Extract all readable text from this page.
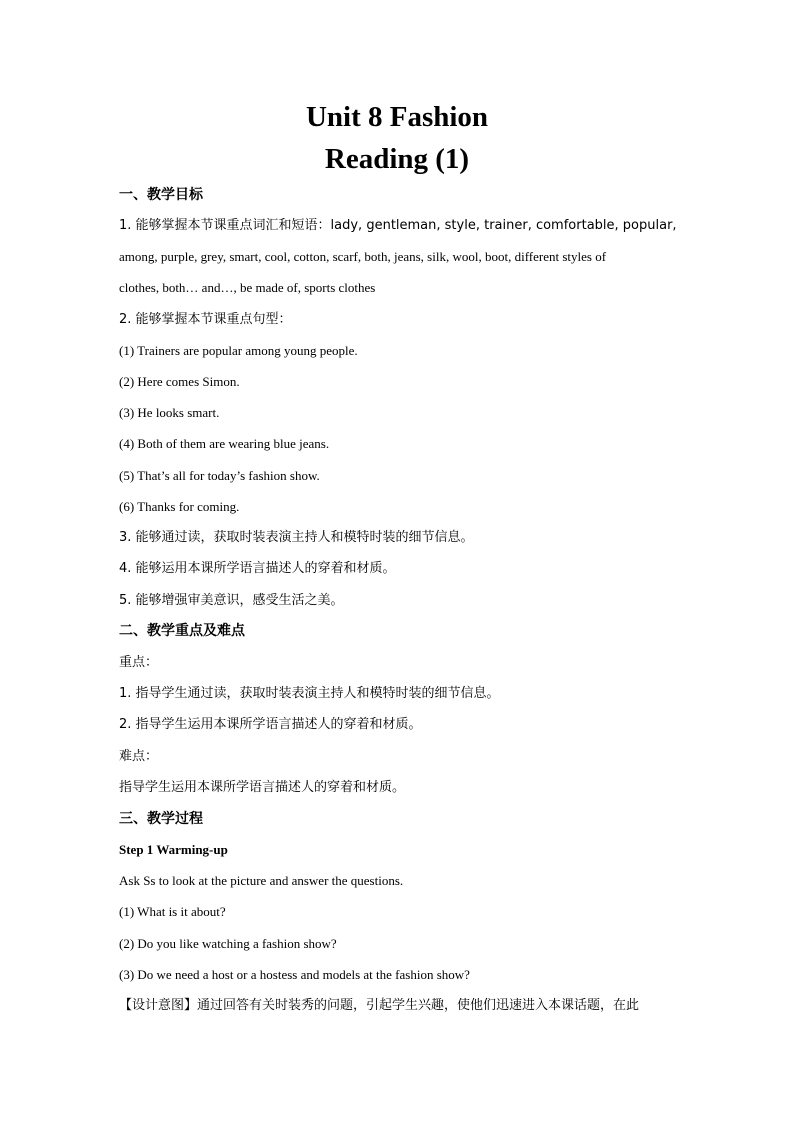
Unit 8 Fashion
Reading (1)
一、教学目标
1. 能够掌握本节课重点词汇和短语：lady, gentleman, style, trainer, comfortable, popular,
among, purple, grey, smart, cool, cotton, scarf, both, jeans, silk, wool, boot, different styles of
clothes, both… and…, be made of, sports clothes
2. 能够掌握本节课重点句型：
(1) Trainers are popular among young people.
(2) Here comes Simon.
(3) He looks smart.
(4) Both of them are wearing blue jeans.
(5) That’s all for today’s fashion show.
(6) Thanks for coming.
3. 能够通过读，获取时装表演主持人和模特时装的细节信息。
4. 能够运用本课所学语言描述人的穿着和材质。
5. 能够增强审美意识，感受生活之美。
二、教学重点及难点
重点：
1. 指导学生通过读，获取时装表演主持人和模特时装的细节信息。
2. 指导学生运用本课所学语言描述人的穿着和材质。
难点：
指导学生运用本课所学语言描述人的穿着和材质。
三、教学过程
Step 1 Warming-up
Ask Ss to look at the picture and answer the questions.
(1) What is it about?
(2) Do you like watching a fashion show?
(3) Do we need a host or a hostess and models at the fashion show?
【设计意图】通过回答有关时装秀的问题，引起学生兴趣，使他们迅速进入本课话题，在此
